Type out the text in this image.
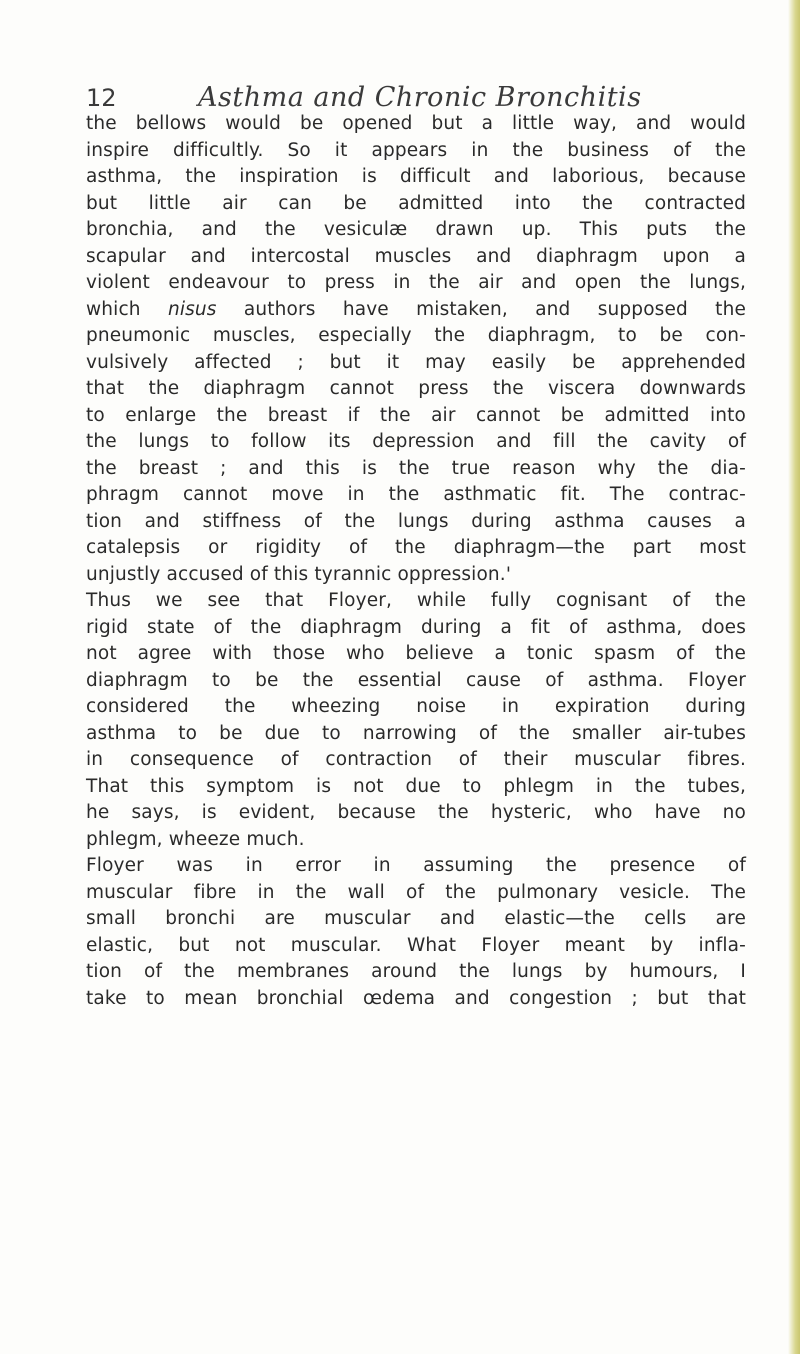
12	Asthma and Chronic Bronchitis
the bellows would be opened but a little way, and would
inspire difficultly. So it appears in the business of the
asthma, the inspiration is difficult and laborious, because
but little air can be admitted into the contracted
bronchia, and the vesiculæ drawn up. This puts the
scapular and intercostal muscles and diaphragm upon a
violent endeavour to press in the air and open the lungs,
which nisus authors have mistaken, and supposed the
pneumonic muscles, especially the diaphragm, to be con-
vulsively affected ; but it may easily be apprehended
that the diaphragm cannot press the viscera downwards
to enlarge the breast if the air cannot be admitted into
the lungs to follow its depression and fill the cavity of
the breast ; and this is the true reason why the dia-
phragm cannot move in the asthmatic fit. The contrac-
tion and stiffness of the lungs during asthma causes a
catalepsis or rigidity of the diaphragm—the part most
unjustly accused of this tyrannic oppression.'
Thus we see that Floyer, while fully cognisant of the
rigid state of the diaphragm during a fit of asthma, does
not agree with those who believe a tonic spasm of the
diaphragm to be the essential cause of asthma. Floyer
considered the wheezing noise in expiration during
asthma to be due to narrowing of the smaller air-tubes
in consequence of contraction of their muscular fibres.
That this symptom is not due to phlegm in the tubes,
he says, is evident, because the hysteric, who have no
phlegm, wheeze much.
Floyer was in error in assuming the presence of
muscular fibre in the wall of the pulmonary vesicle. The
small bronchi are muscular and elastic—the cells are
elastic, but not muscular. What Floyer meant by infla-
tion of the membranes around the lungs by humours, I
take to mean bronchial œdema and congestion ; but that
